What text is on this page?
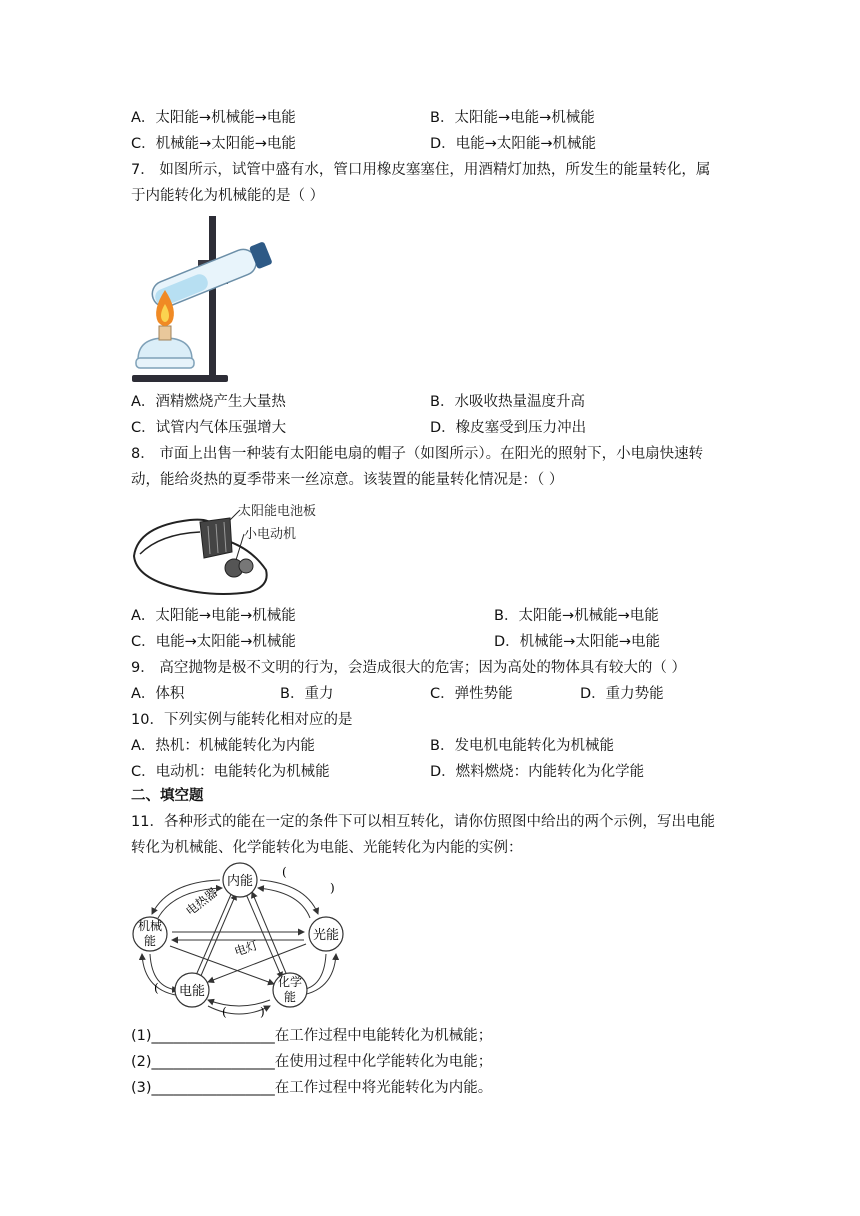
A．太阳能→机械能→电能	B．太阳能→电能→机械能
C．机械能→太阳能→电能	D．电能→太阳能→机械能
7． 如图所示，试管中盛有水，管口用橡皮塞塞住，用酒精灯加热，所发生的能量转化，属
于内能转化为机械能的是（ ）
A．酒精燃烧产生大量热	B．水吸收热量温度升高
C．试管内气体压强增大	D．橡皮塞受到压力冲出
8． 市面上出售一种装有太阳能电扇的帽子（如图所示）。在阳光的照射下，小电扇快速转
动，能给炎热的夏季带来一丝凉意。该装置的能量转化情况是：（ ）
太阳能电池板
小电动机
A．太阳能→电能→机械能	B．太阳能→机械能→电能
C．电能→太阳能→机械能	D．机械能→太阳能→电能
9． 高空抛物是极不文明的行为，会造成很大的危害；因为高处的物体具有较大的（ ）
A．体积	B．重力	C．弹性势能	D．重力势能
10．下列实例与能转化相对应的是
A．热机：机械能转化为内能	B．发电机电能转化为机械能
C．电动机：电能转化为机械能	D．燃料燃烧：内能转化为化学能
二、填空题
11．各种形式的能在一定的条件下可以相互转化，请你仿照图中给出的两个示例，写出电能
转化为机械能、化学能转化为电能、光能转化为内能的实例：
内能
机械
能	光能
电能
化学
能
电热器
电灯
(
)
(
(	)
(1)_________________在工作过程中电能转化为机械能；
(2)_________________在使用过程中化学能转化为电能；
(3)_________________在工作过程中将光能转化为内能。
